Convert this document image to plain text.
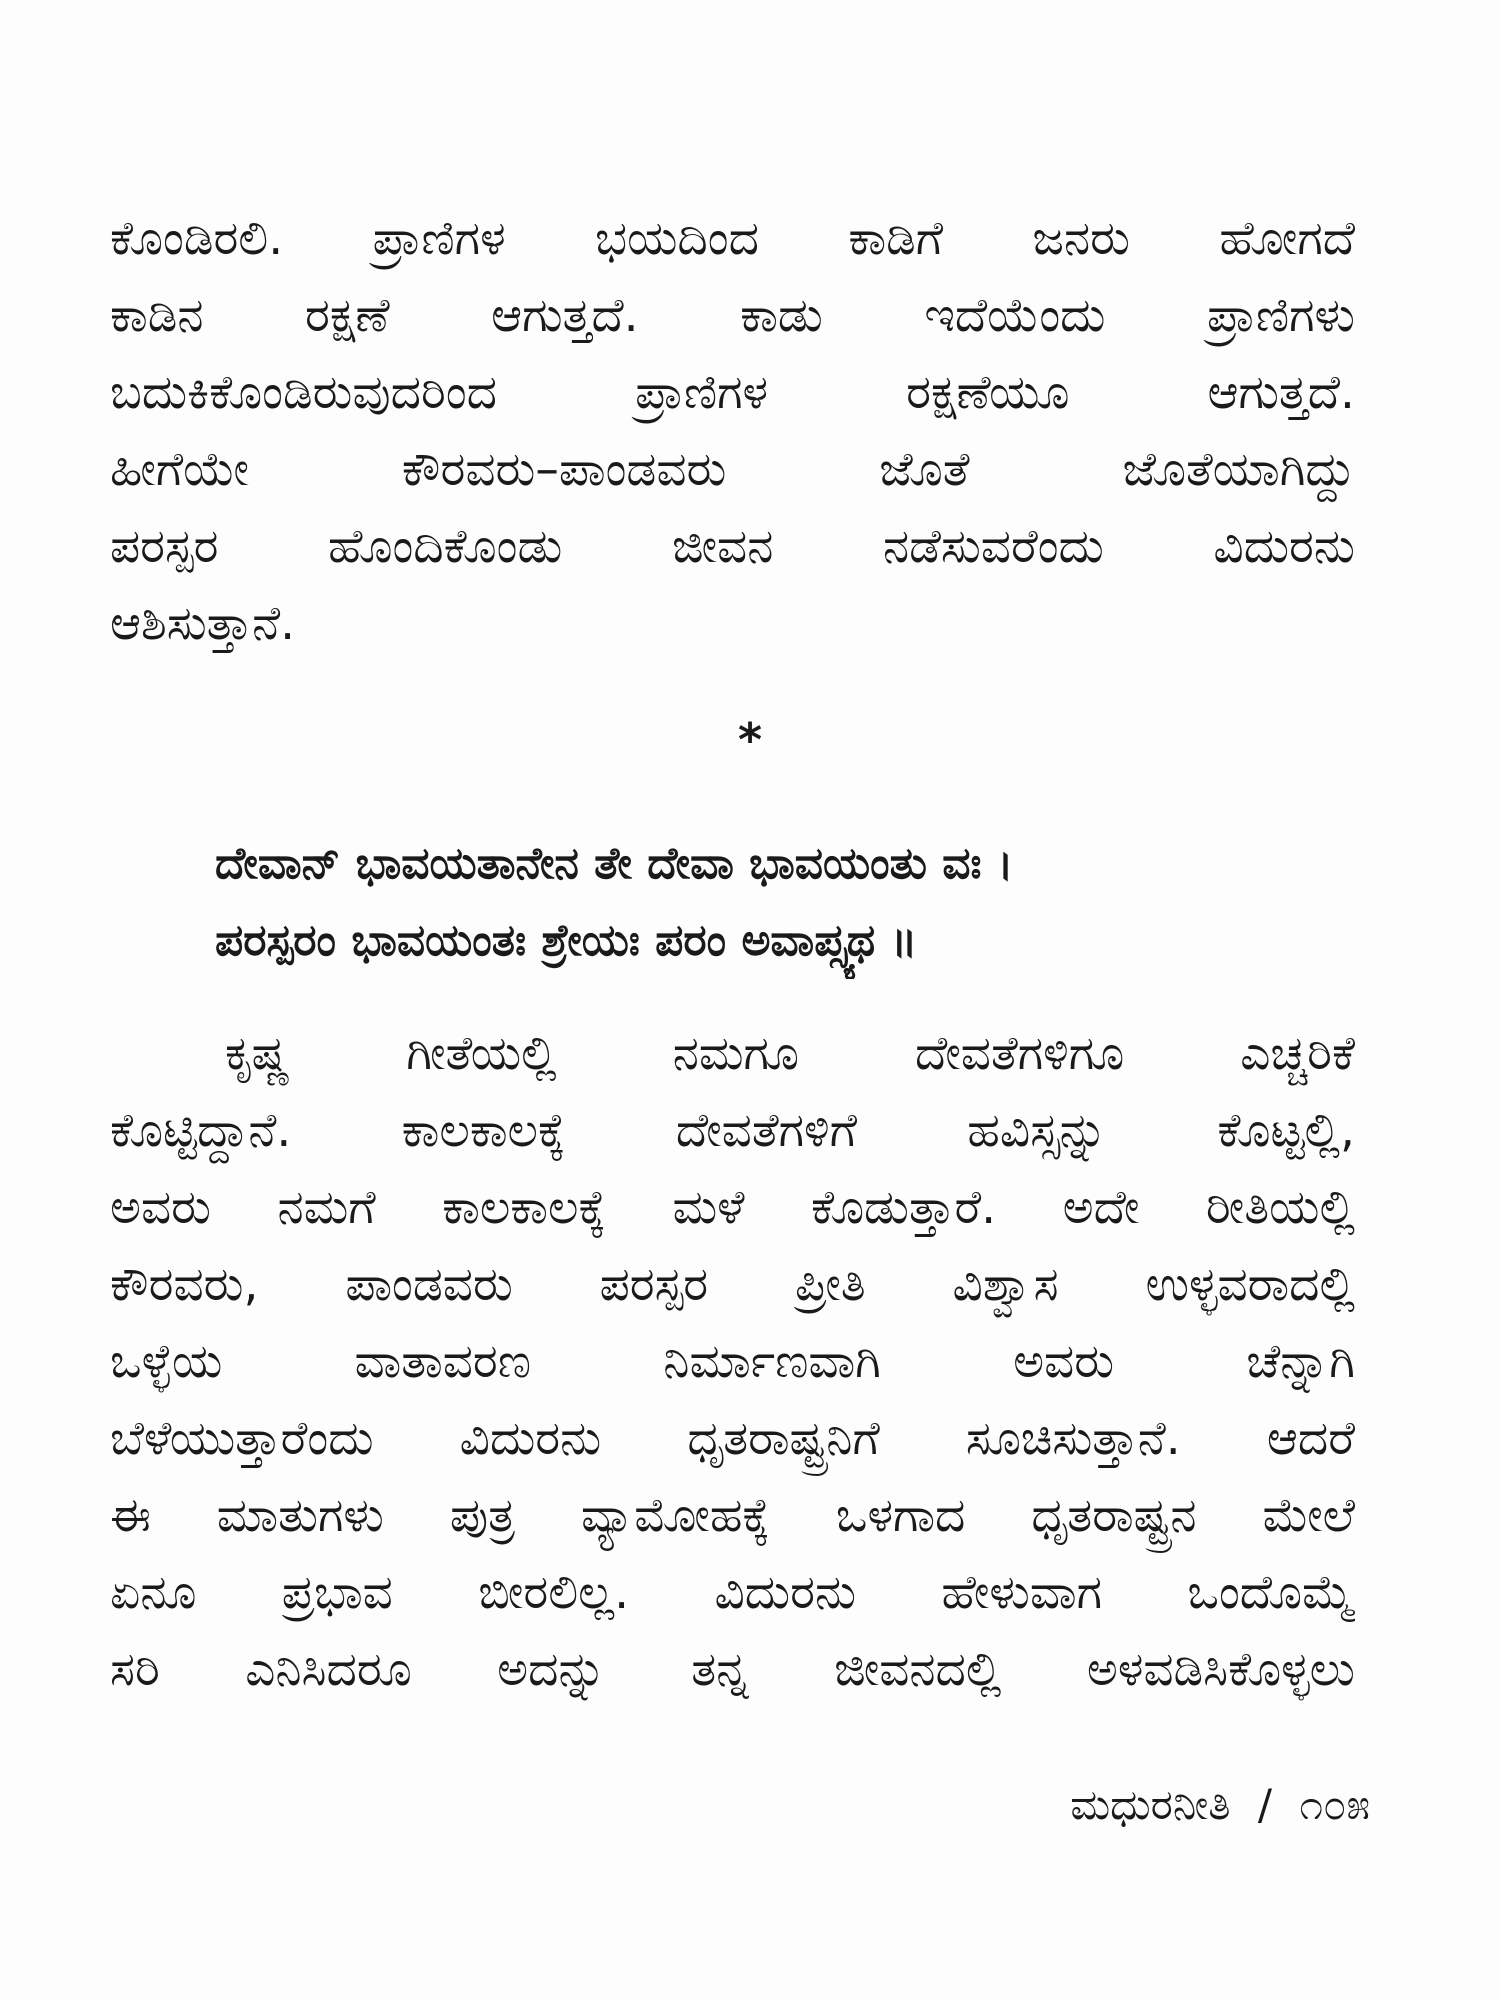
ಕೊಂಡಿರಲಿ. ಪ್ರಾಣಿಗಳ ಭಯದಿಂದ ಕಾಡಿಗೆ ಜನರು ಹೋಗದೆ
ಕಾಡಿನ ರಕ್ಷಣೆ ಆಗುತ್ತದೆ. ಕಾಡು ಇದೆಯೆಂದು ಪ್ರಾಣಿಗಳು
ಬದುಕಿಕೊಂಡಿರುವುದರಿಂದ ಪ್ರಾಣಿಗಳ ರಕ್ಷಣೆಯೂ ಆಗುತ್ತದೆ.
ಹೀಗೆಯೇ ಕೌರವರು–ಪಾಂಡವರು ಜೊತೆ ಜೊತೆಯಾಗಿದ್ದು
ಪರಸ್ಪರ ಹೊಂದಿಕೊಂಡು ಜೀವನ ನಡೆಸುವರೆಂದು ವಿದುರನು
ಆಶಿಸುತ್ತಾನೆ.
*
ದೇವಾನ್ ಭಾವಯತಾನೇನ ತೇ ದೇವಾ ಭಾವಯಂತು ವಃ ।
ಪರಸ್ಪರಂ ಭಾವಯಂತಃ ಶ್ರೇಯಃ ಪರಂ ಅವಾಪ್ಸ್ಯಥ ॥
ಕೃಷ್ಣ ಗೀತೆಯಲ್ಲಿ ನಮಗೂ ದೇವತೆಗಳಿಗೂ ಎಚ್ಚರಿಕೆ
ಕೊಟ್ಟಿದ್ದಾನೆ. ಕಾಲಕಾಲಕ್ಕೆ ದೇವತೆಗಳಿಗೆ ಹವಿಸ್ಸನ್ನು ಕೊಟ್ಟಲ್ಲಿ,
ಅವರು ನಮಗೆ ಕಾಲಕಾಲಕ್ಕೆ ಮಳೆ ಕೊಡುತ್ತಾರೆ. ಅದೇ ರೀತಿಯಲ್ಲಿ
ಕೌರವರು, ಪಾಂಡವರು ಪರಸ್ಪರ ಪ್ರೀತಿ ವಿಶ್ವಾಸ ಉಳ್ಳವರಾದಲ್ಲಿ
ಒಳ್ಳೆಯ ವಾತಾವರಣ ನಿರ್ಮಾಣವಾಗಿ ಅವರು ಚೆನ್ನಾಗಿ
ಬೆಳೆಯುತ್ತಾರೆಂದು ವಿದುರನು ಧೃತರಾಷ್ಟ್ರನಿಗೆ ಸೂಚಿಸುತ್ತಾನೆ. ಆದರೆ
ಈ ಮಾತುಗಳು ಪುತ್ರ ವ್ಯಾಮೋಹಕ್ಕೆ ಒಳಗಾದ ಧೃತರಾಷ್ಟ್ರನ ಮೇಲೆ
ಏನೂ ಪ್ರಭಾವ ಬೀರಲಿಲ್ಲ. ವಿದುರನು ಹೇಳುವಾಗ ಒಂದೊಮ್ಮೆ
ಸರಿ ಎನಿಸಿದರೂ ಅದನ್ನು ತನ್ನ ಜೀವನದಲ್ಲಿ ಅಳವಡಿಸಿಕೊಳ್ಳಲು
ಮಧುರನೀತಿ / ೧೦೫
